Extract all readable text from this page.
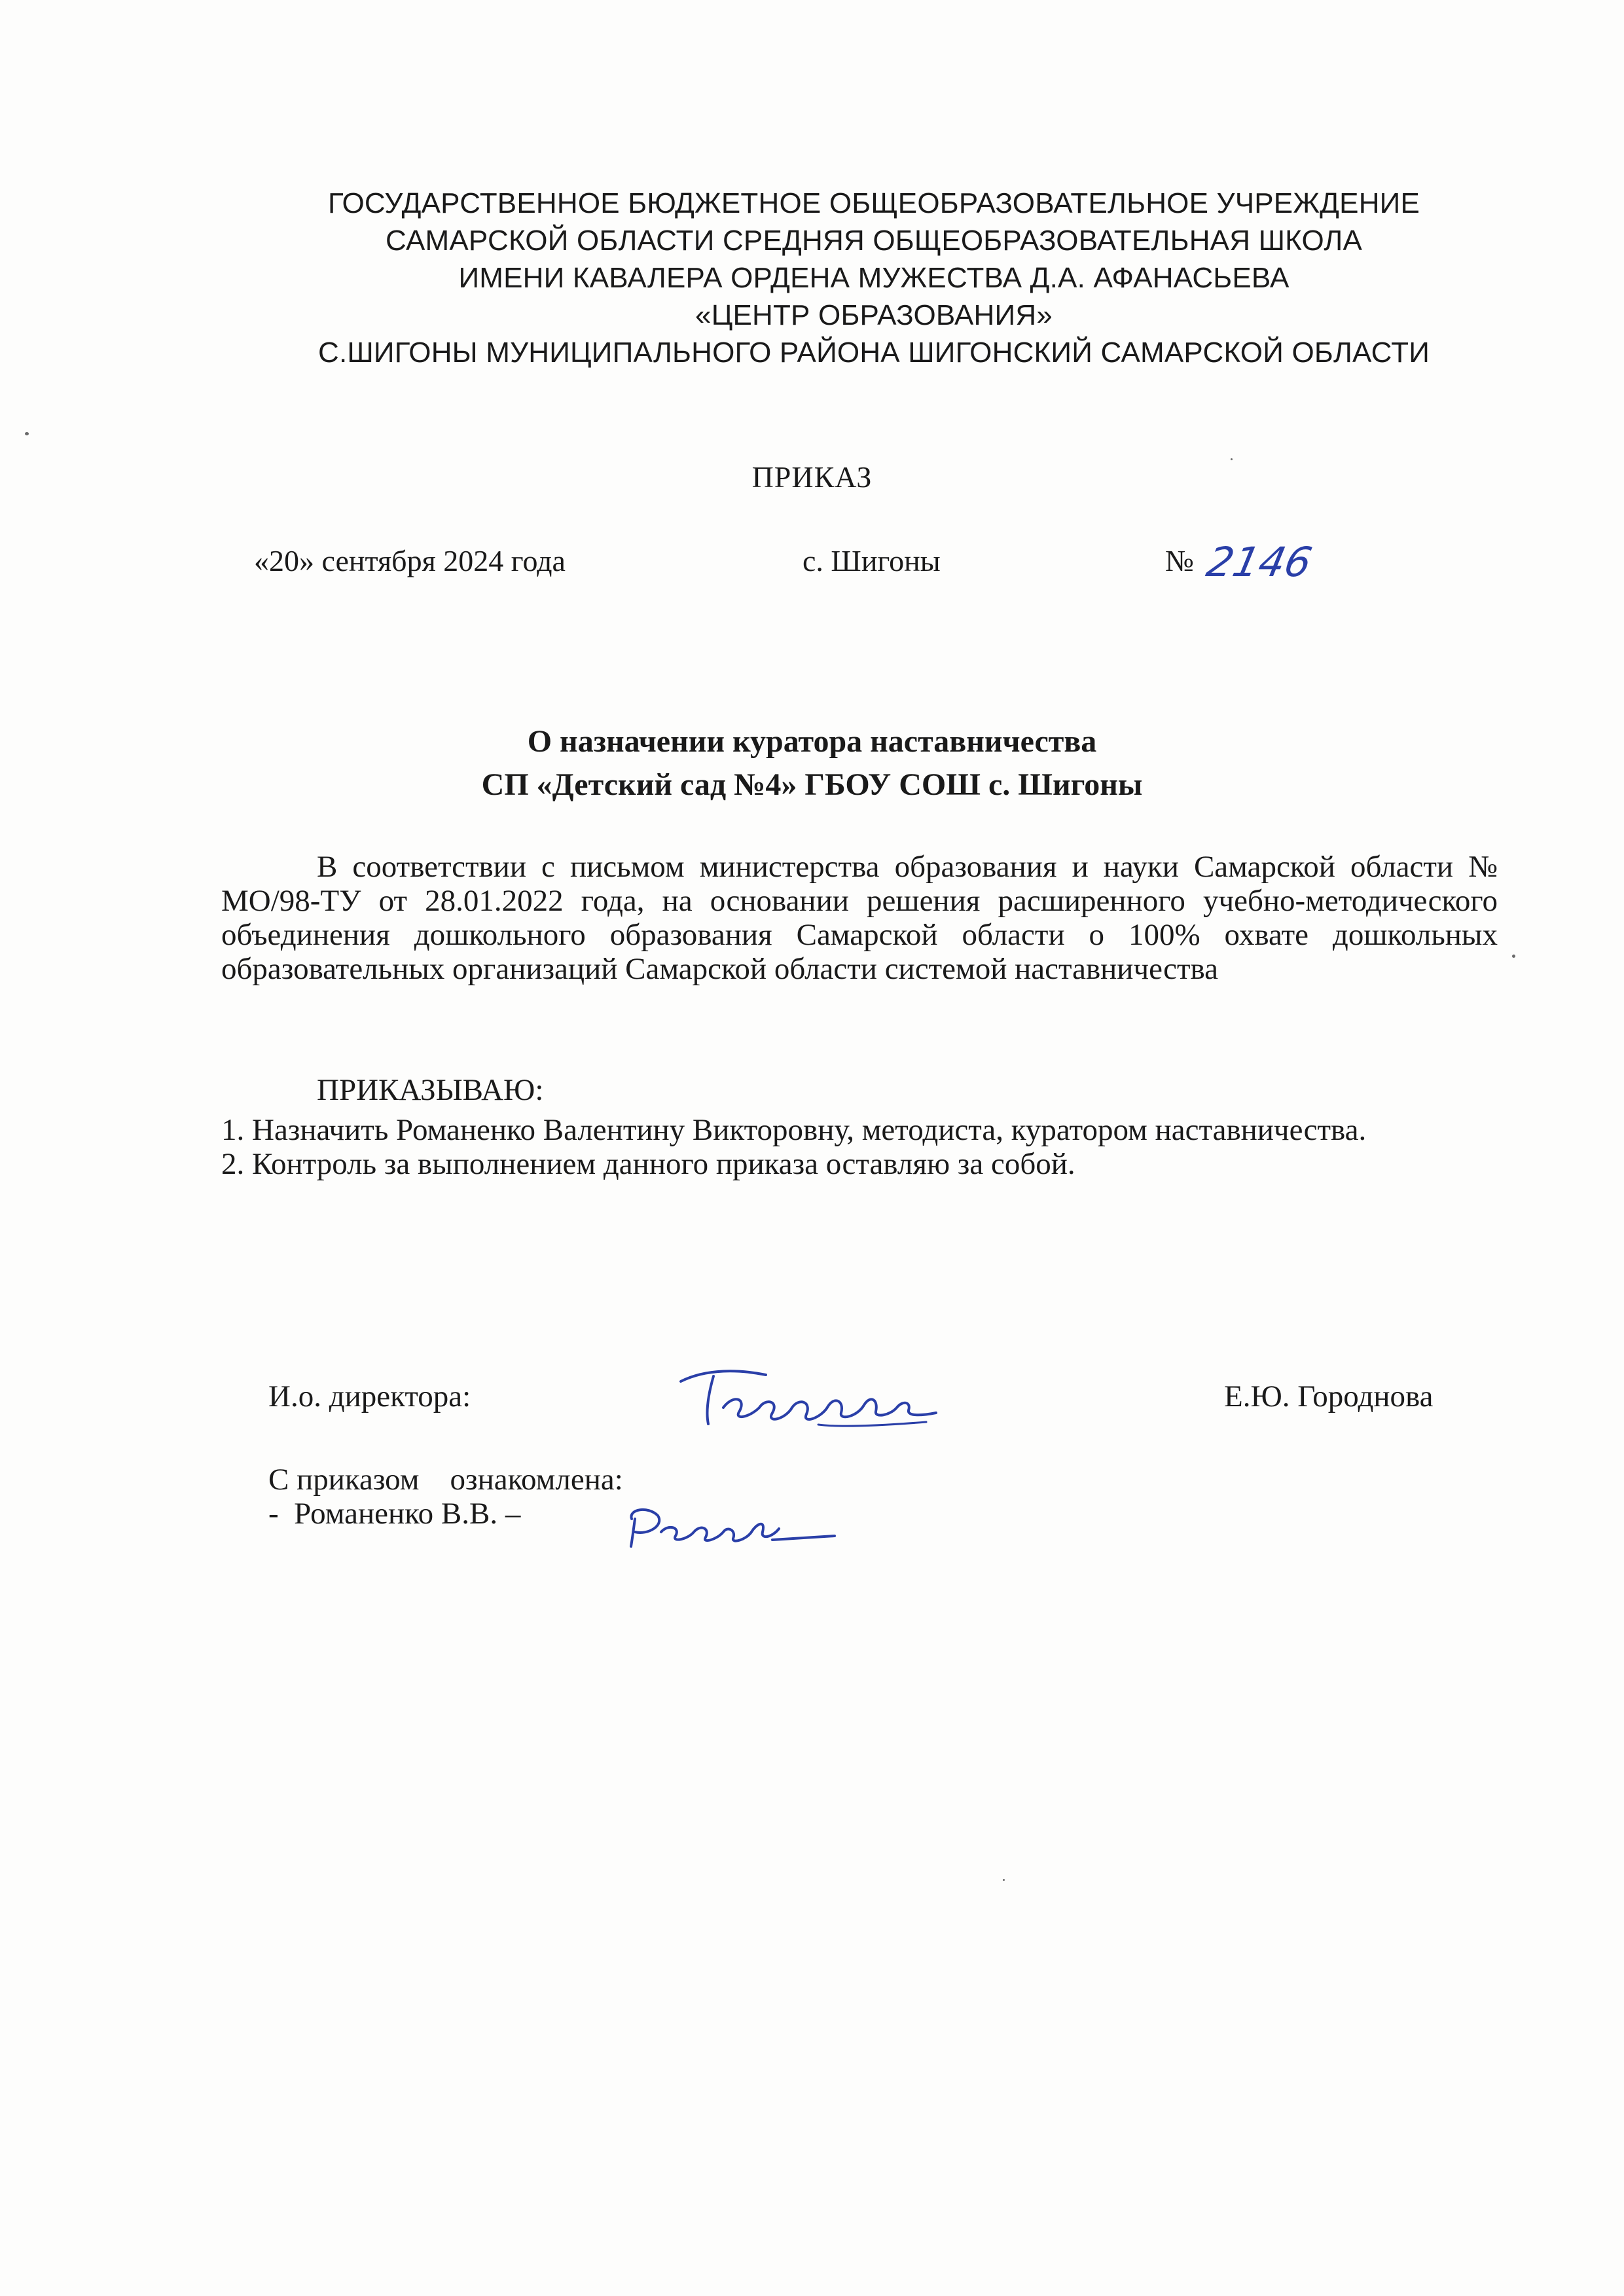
ГОСУДАРСТВЕННОЕ БЮДЖЕТНОЕ ОБЩЕОБРАЗОВАТЕЛЬНОЕ УЧРЕЖДЕНИЕ
САМАРСКОЙ ОБЛАСТИ СРЕДНЯЯ ОБЩЕОБРАЗОВАТЕЛЬНАЯ ШКОЛА
ИМЕНИ КАВАЛЕРА ОРДЕНА МУЖЕСТВА Д.А. АФАНАСЬЕВА
«ЦЕНТР ОБРАЗОВАНИЯ»
С.ШИГОНЫ МУНИЦИПАЛЬНОГО РАЙОНА ШИГОНСКИЙ САМАРСКОЙ ОБЛАСТИ
ПРИКАЗ
«20» сентября 2024 года	с. Шигоны	№ 2146
О назначении куратора наставничества
СП «Детский сад №4» ГБОУ СОШ с. Шигоны

В соответствии с письмом министерства образования и науки Самарской области № МО/98-ТУ от 28.01.2022 года, на основании решения расширенного учебно-методического объединения дошкольного образования Самарской области о 100% охвате дошкольных образовательных организаций Самарской области системой наставничества

ПРИКАЗЫВАЮ:

1. Назначить Романенко Валентину Викторовну, методиста, куратором наставничества.

2. Контроль за выполнением данного приказа оставляю за собой.

И.о. директора:	Е.Ю. Городнова
С приказом    ознакомлена:
-  Романенко В.В. –
